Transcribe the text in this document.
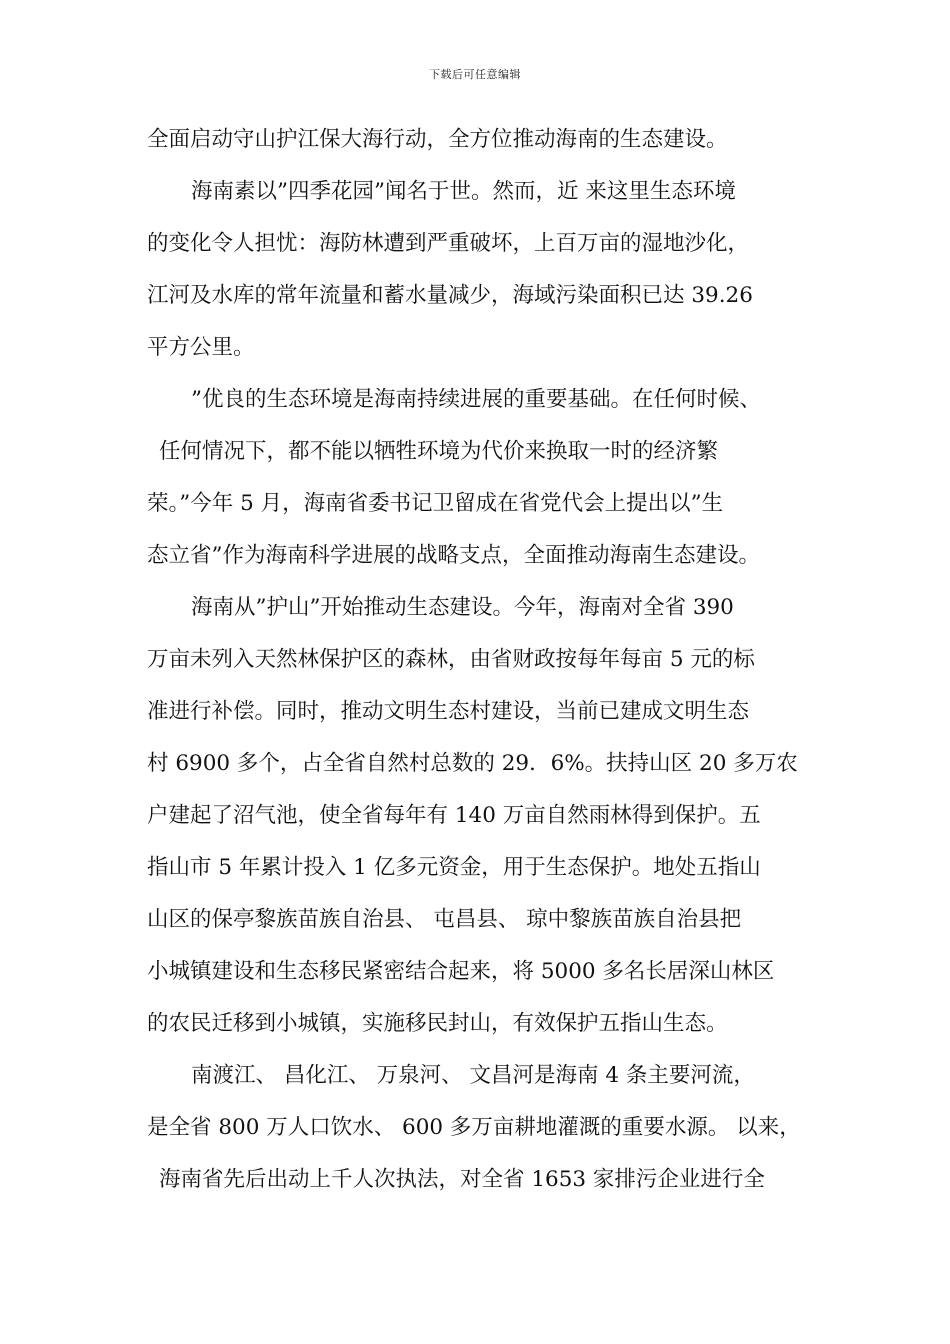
下载后可任意编辑
全面启动守山护江保大海行动，全方位推动海南的生态建设。
海南素以”四季花园”闻名于世。然而，近 来这里生态环境
的变化令人担忧：海防林遭到严重破坏，上百万亩的湿地沙化，
江河及水库的常年流量和蓄水量减少，海域污染面积已达 39.26
平方公里。
”优良的生态环境是海南持续进展的重要基础。在任何时候、
任何情况下，都不能以牺牲环境为代价来换取一时的经济繁
荣。”今年 5 月，海南省委书记卫留成在省党代会上提出以”生
态立省”作为海南科学进展的战略支点，全面推动海南生态建设。
海南从”护山”开始推动生态建设。今年，海南对全省 390
万亩未列入天然林保护区的森林，由省财政按每年每亩 5 元的标
准进行补偿。同时，推动文明生态村建设，当前已建成文明生态
村 6900 多个，占全省自然村总数的 29．6%。扶持山区 20 多万农
户建起了沼气池，使全省每年有 140 万亩自然雨林得到保护。五
指山市 5 年累计投入 1 亿多元资金，用于生态保护。地处五指山
山区的保亭黎族苗族自治县、 屯昌县、 琼中黎族苗族自治县把
小城镇建设和生态移民紧密结合起来，将 5000 多名长居深山林区
的农民迁移到小城镇，实施移民封山，有效保护五指山生态。
南渡江、 昌化江、 万泉河、 文昌河是海南 4 条主要河流，
是全省 800 万人口饮水、 600 多万亩耕地灌溉的重要水源。 以来，
海南省先后出动上千人次执法，对全省 1653 家排污企业进行全
